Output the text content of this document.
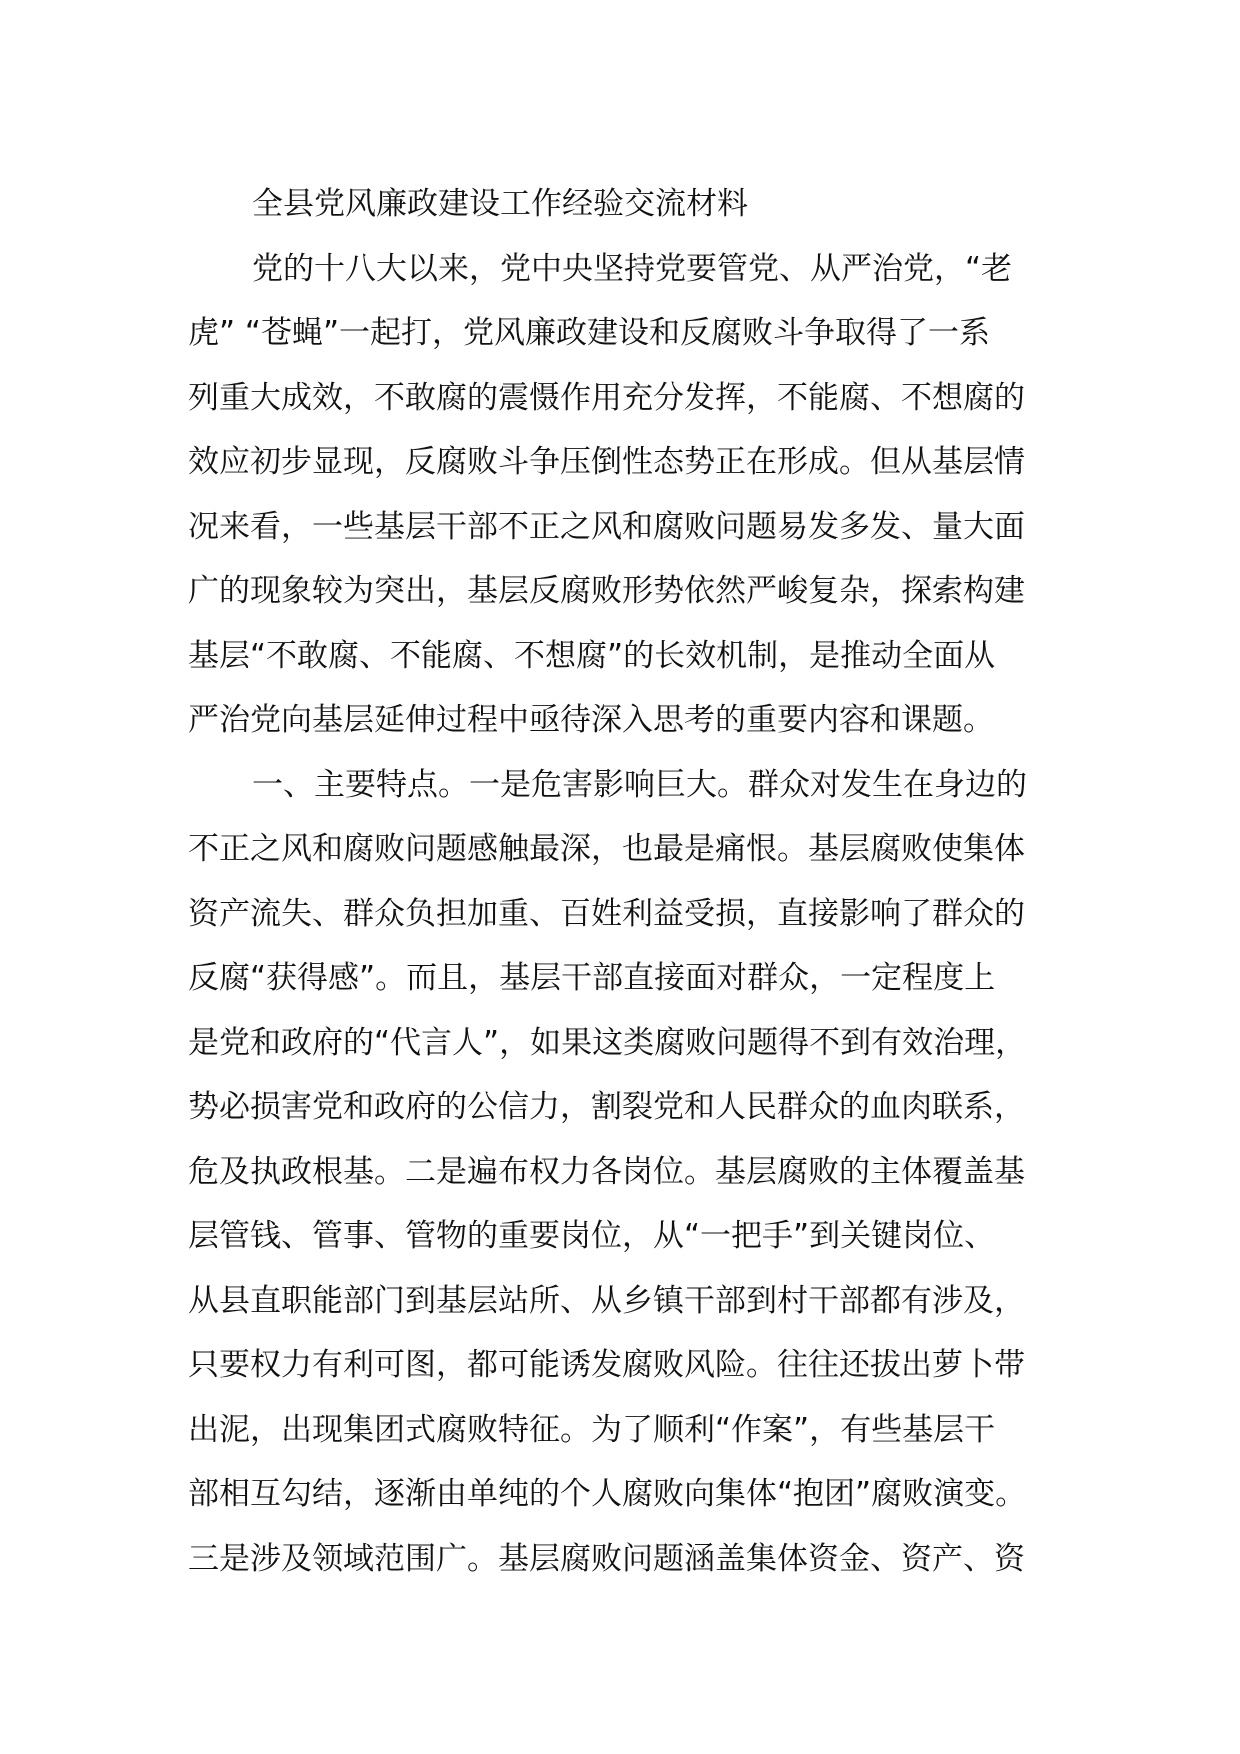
全县党风廉政建设工作经验交流材料

党的十八大以来，党中央坚持党要管党、从严治党，“老
虎” “苍蝇”一起打，党风廉政建设和反腐败斗争取得了一系
列重大成效，不敢腐的震慑作用充分发挥，不能腐、不想腐的
效应初步显现，反腐败斗争压倒性态势正在形成。但从基层情
况来看，一些基层干部不正之风和腐败问题易发多发、量大面
广的现象较为突出，基层反腐败形势依然严峻复杂，探索构建
基层“不敢腐、不能腐、不想腐”的长效机制，是推动全面从
严治党向基层延伸过程中亟待深入思考的重要内容和课题。

一、主要特点。一是危害影响巨大。群众对发生在身边的
不正之风和腐败问题感触最深，也最是痛恨。基层腐败使集体
资产流失、群众负担加重、百姓利益受损，直接影响了群众的
反腐“获得感”。而且，基层干部直接面对群众，一定程度上
是党和政府的“代言人”，如果这类腐败问题得不到有效治理，
势必损害党和政府的公信力，割裂党和人民群众的血肉联系，
危及执政根基。二是遍布权力各岗位。基层腐败的主体覆盖基
层管钱、管事、管物的重要岗位，从“一把手”到关键岗位、
从县直职能部门到基层站所、从乡镇干部到村干部都有涉及，
只要权力有利可图，都可能诱发腐败风险。往往还拔出萝卜带
出泥，出现集团式腐败特征。为了顺利“作案”，有些基层干
部相互勾结，逐渐由单纯的个人腐败向集体“抱团”腐败演变。
三是涉及领域范围广。基层腐败问题涵盖集体资金、资产、资
